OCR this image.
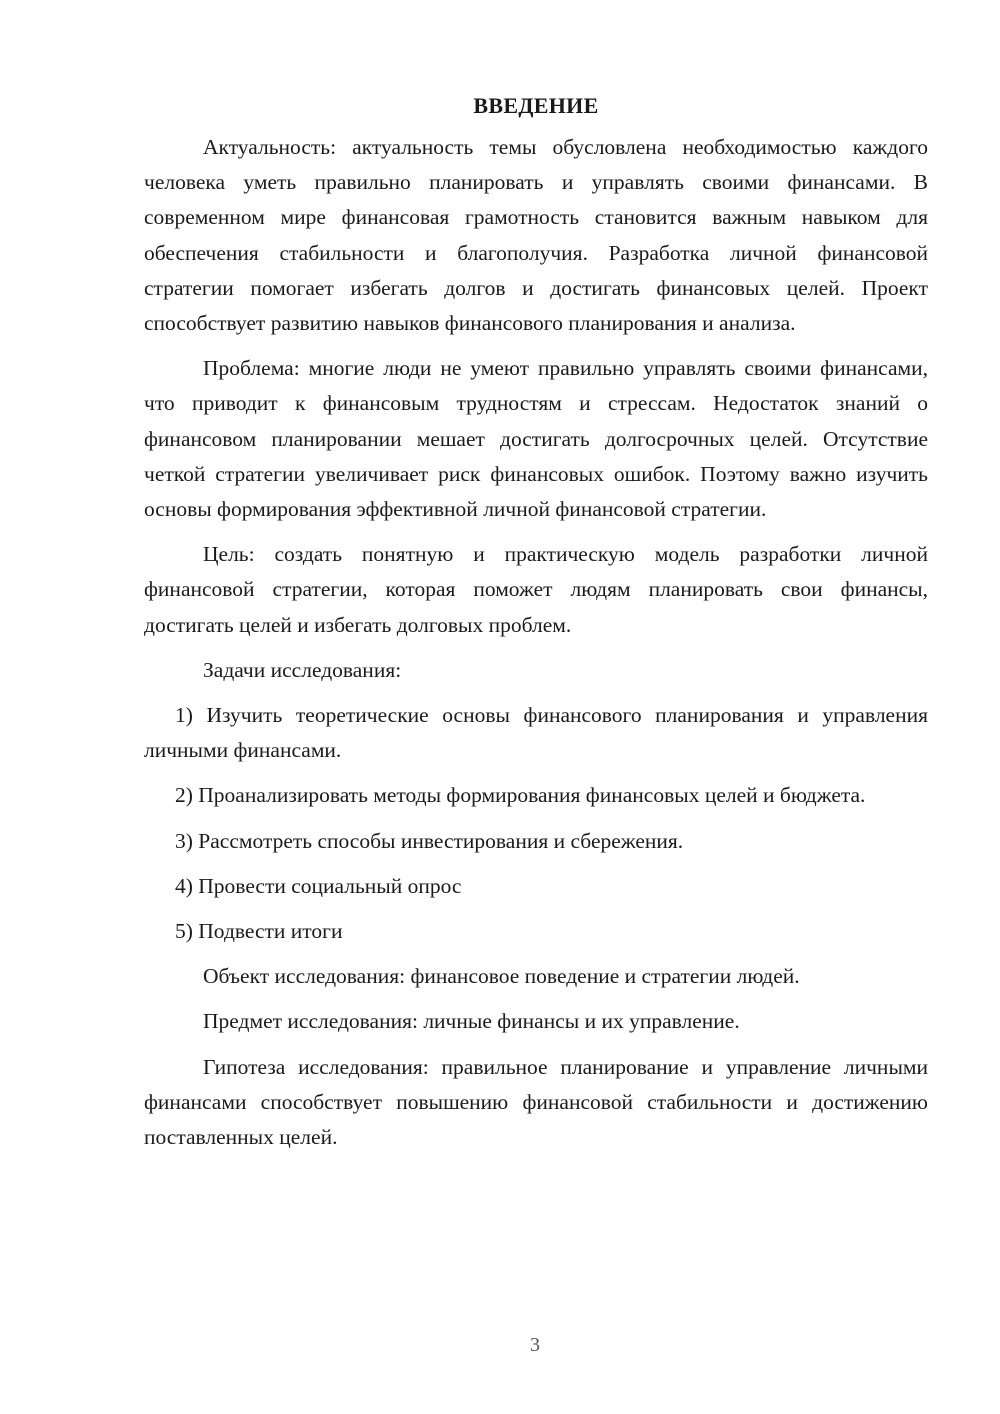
ВВЕДЕНИЕ

Актуальность: актуальность темы обусловлена необходимостью каждого человека уметь правильно планировать и управлять своими финансами. В современном мире финансовая грамотность становится важным навыком для обеспечения стабильности и благополучия. Разработка личной финансовой стратегии помогает избегать долгов и достигать финансовых целей. Проект способствует развитию навыков финансового планирования и анализа.

Проблема: многие люди не умеют правильно управлять своими финансами, что приводит к финансовым трудностям и стрессам. Недостаток знаний о финансовом планировании мешает достигать долгосрочных целей. Отсутствие четкой стратегии увеличивает риск финансовых ошибок. Поэтому важно изучить основы формирования эффективной личной финансовой стратегии.

Цель: создать понятную и практическую модель разработки личной финансовой стратегии, которая поможет людям планировать свои финансы, достигать целей и избегать долговых проблем.

Задачи исследования:

1) Изучить теоретические основы финансового планирования и управления личными финансами.

2) Проанализировать методы формирования финансовых целей и бюджета.

3) Рассмотреть способы инвестирования и сбережения.

4) Провести социальный опрос

5) Подвести итоги

Объект исследования: финансовое поведение и стратегии людей.

Предмет исследования: личные финансы и их управление.

Гипотеза исследования: правильное планирование и управление личными финансами способствует повышению финансовой стабильности и достижению поставленных целей.

3
